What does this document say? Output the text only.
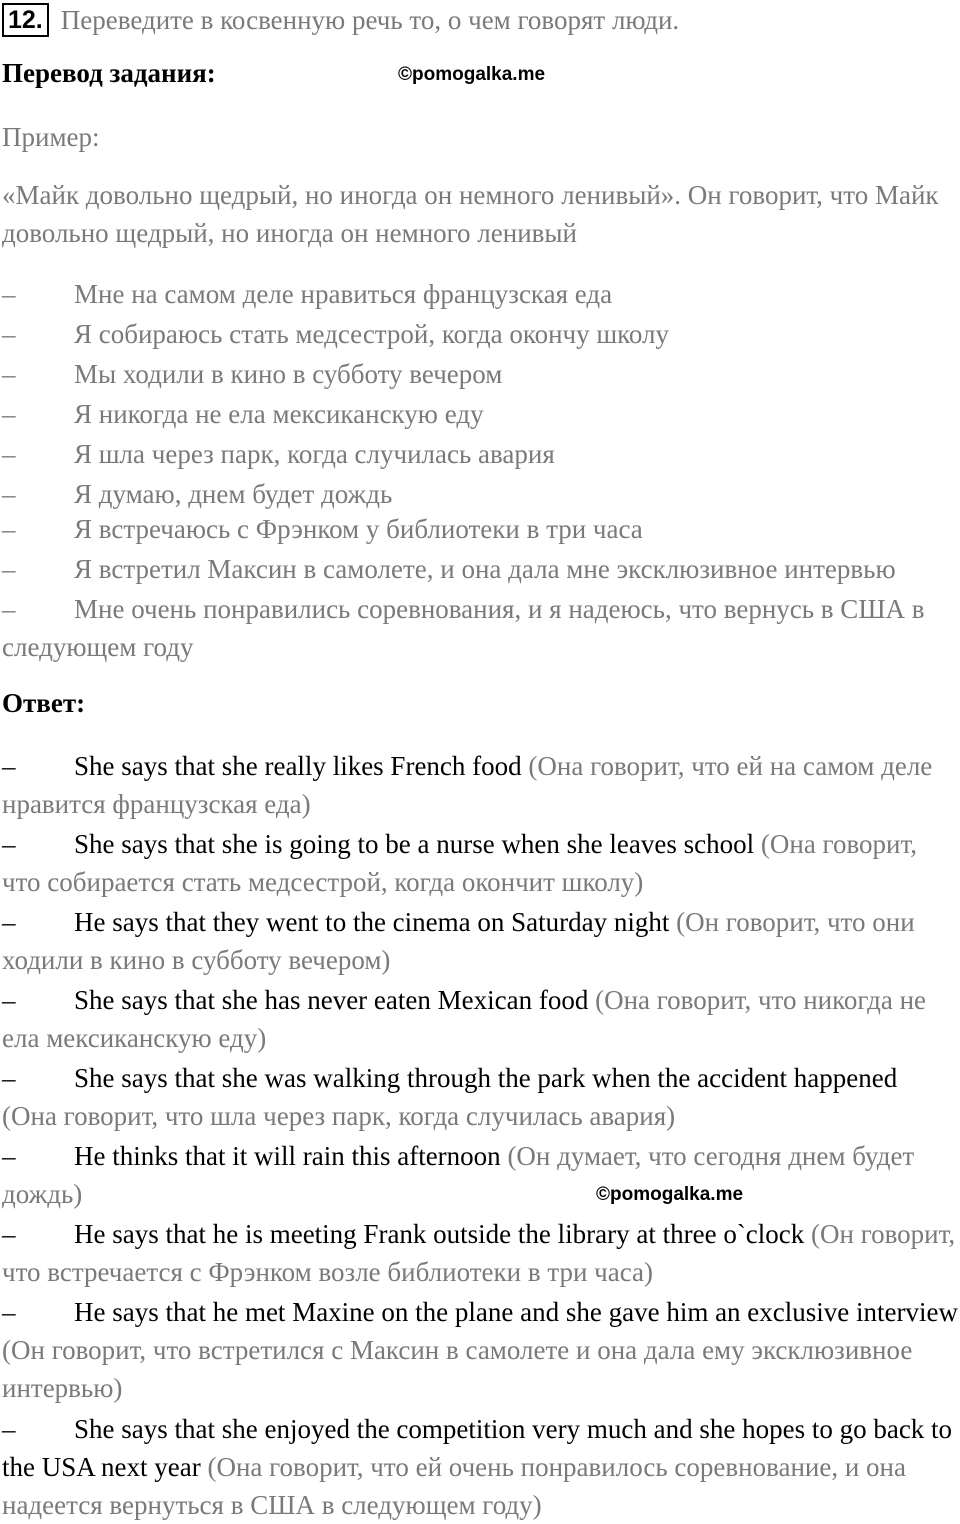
12. Переведите в косвенную речь то, о чем говорят люди.
Перевод задания:	©pomogalka.me
Пример:
«Майк довольно щедрый, но иногда он немного ленивый». Он говорит, что Майк довольно щедрый, но иногда он немного ленивый
– Мне на самом деле нравиться французская еда
– Я собираюсь стать медсестрой, когда окончу школу
– Мы ходили в кино в субботу вечером
– Я никогда не ела мексиканскую еду
– Я шла через парк, когда случилась авария
– Я думаю, днем будет дождь
– Я встречаюсь с Фрэнком у библиотеки в три часа
– Я встретил Максин в самолете, и она дала мне эксклюзивное интервью
– Мне очень понравились соревнования, и я надеюсь, что вернусь в США в следующем году
Ответ:
– She says that she really likes French food (Она говорит, что ей на самом деле нравится французская еда)
– She says that she is going to be a nurse when she leaves school (Она говорит, что собирается стать медсестрой, когда окончит школу)
– He says that they went to the cinema on Saturday night (Он говорит, что они ходили в кино в субботу вечером)
– She says that she has never eaten Mexican food (Она говорит, что никогда не ела мексиканскую еду)
– She says that she was walking through the park when the accident happened (Она говорит, что шла через парк, когда случилась авария)
– He thinks that it will rain this afternoon (Он думает, что сегодня днем будет дождь)	©pomogalka.me
– He says that he is meeting Frank outside the library at three o`clock (Он говорит, что встречается с Фрэнком возле библиотеки в три часа)
– He says that he met Maxine on the plane and she gave him an exclusive interview (Он говорит, что встретился с Максин в самолете и она дала ему эксклюзивное интервью)
– She says that she enjoyed the competition very much and she hopes to go back to the USA next year (Она говорит, что ей очень понравилось соревнование, и она надеется вернуться в США в следующем году)
